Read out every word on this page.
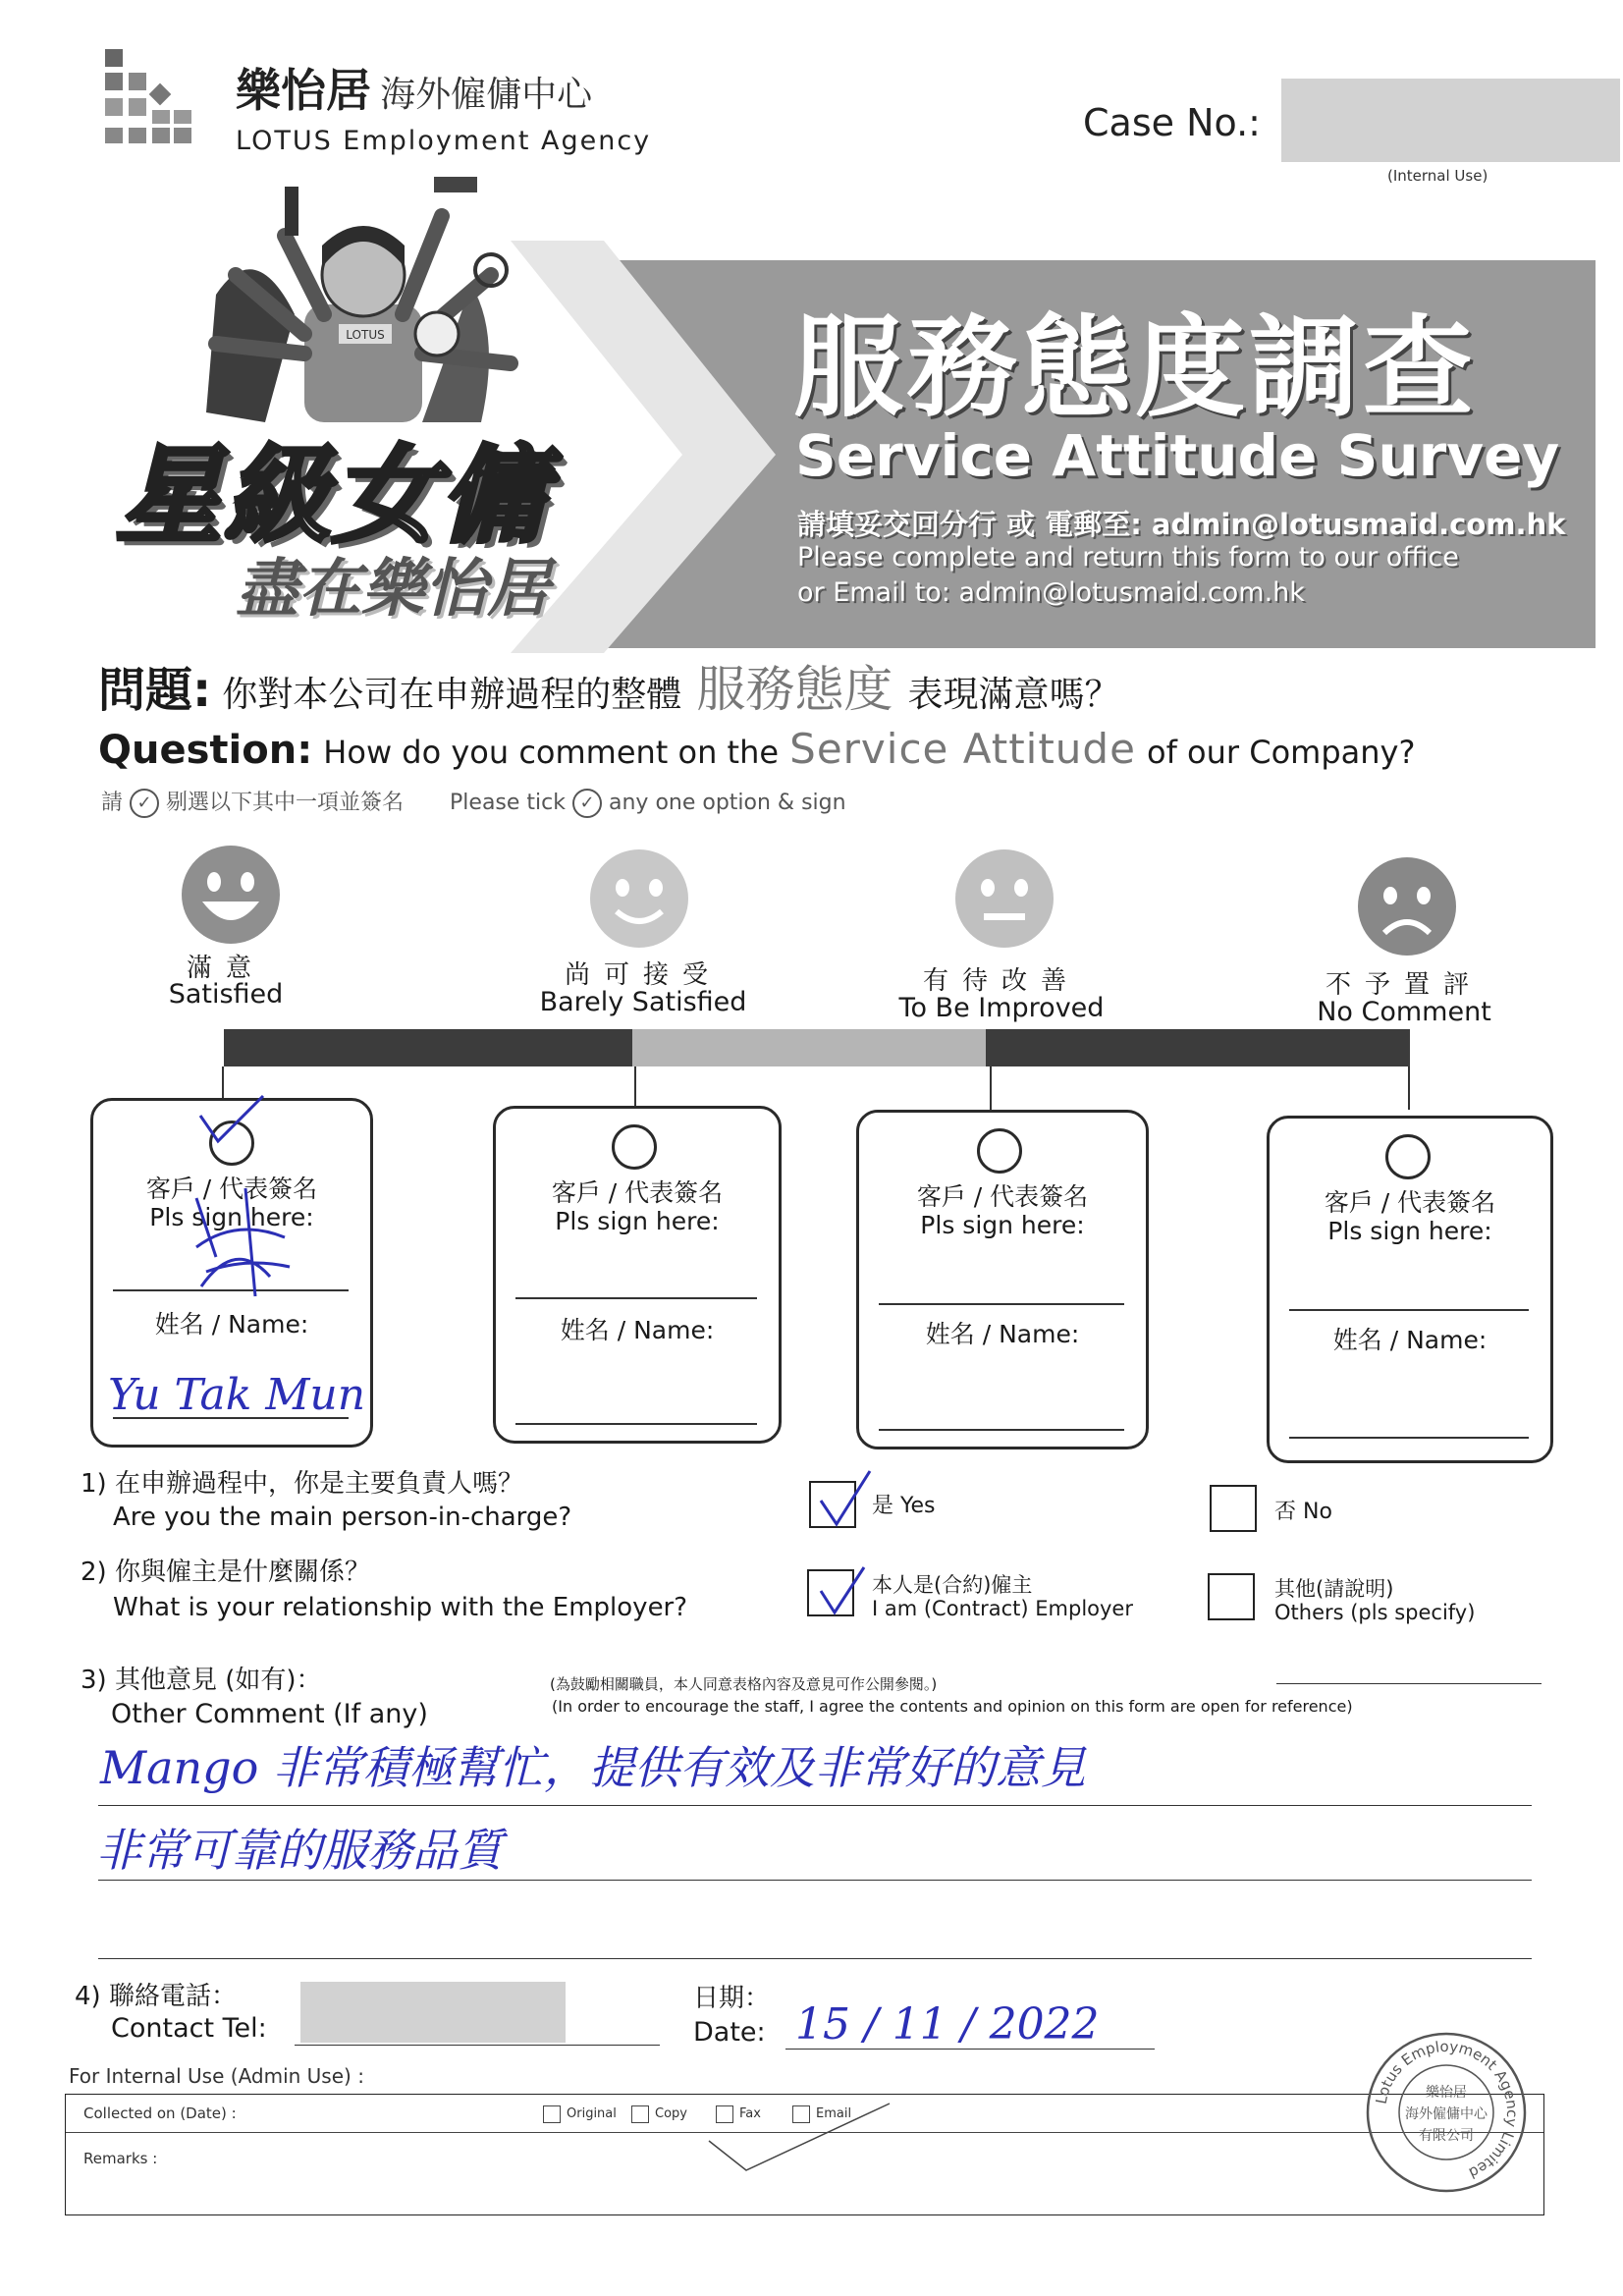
樂怡居 海外僱傭中心
LOTUS Employment Agency	Case No.:
(Internal Use)
服務態度調查
Service Attitude Survey
請填妥交回分行 或 電郵至: admin@lotusmaid.com.hk
Please complete and return this form to our office
or Email to: admin@lotusmaid.com.hk
LOTUS
星級女傭
盡在樂怡居
問題: 你對本公司在申辦過程的整體 服務態度 表現滿意嗎？
Question: How do you comment on the Service Attitude of our Company?
請 ✓ 剔選以下其中一項並簽名 Please tick ✓ any one option & sign
滿意
Satisfied
尚可接受
Barely Satisfied
有待改善
To Be Improved
不予置評
No Comment
客戶 / 代表簽名
Pls sign here:
姓名 / Name:
Yu Tak Mun
客戶 / 代表簽名
Pls sign here:
姓名 / Name:
客戶 / 代表簽名
Pls sign here:
姓名 / Name:
客戶 / 代表簽名
Pls sign here:
姓名 / Name:
1) 在申辦過程中，你是主要負責人嗎？
Are you the main person-in-charge?	是 Yes	否 No
2) 你與僱主是什麼關係？
What is your relationship with the Employer?
本人是(合約)僱主
I am (Contract) Employer
其他(請說明)
Others (pls specify)
3) 其他意見 (如有)：
Other Comment (If any)
(為鼓勵相關職員，本人同意表格內容及意見可作公開參閱。)
(In order to encourage the staff, I agree the contents and opinion on this form are open for reference)
Mango 非常積極幫忙，提供有效及非常好的意見
非常可靠的服務品質
4) 聯絡電話：
Contact Tel:
日期：
Date: 15 / 11 / 2022
For Internal Use (Admin Use) :
Collected on (Date) :	Original	Copy	Fax	Email
Remarks :
Lotus Employment Agency Limited
樂怡居
海外僱傭中心
有限公司
